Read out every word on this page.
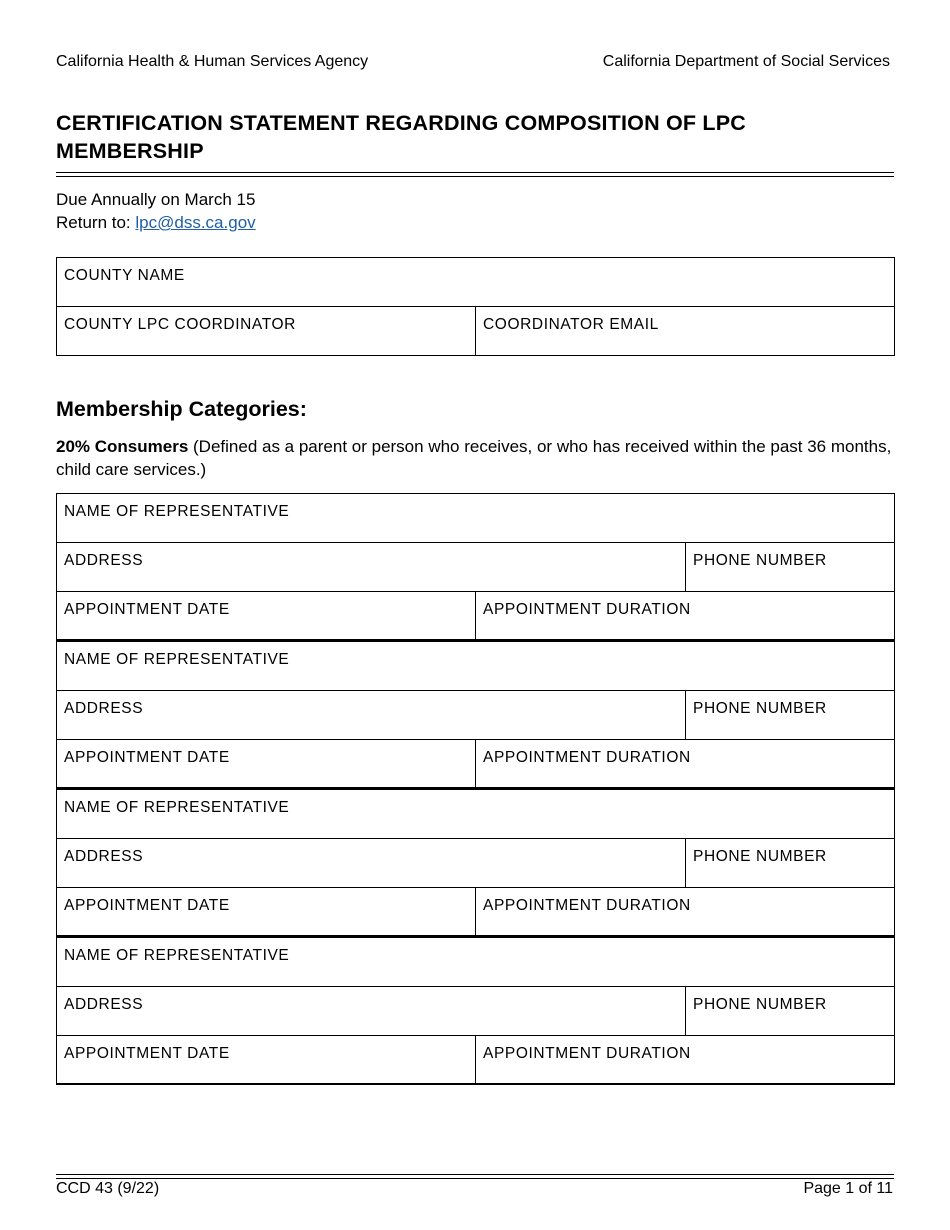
California Health & Human Services Agency	California Department of Social Services
CERTIFICATION STATEMENT REGARDING COMPOSITION OF LPC MEMBERSHIP
Due Annually on March 15
Return to: lpc@dss.ca.gov
COUNTY NAME
COUNTY LPC COORDINATOR	COORDINATOR EMAIL
Membership Categories:
20% Consumers (Defined as a parent or person who receives, or who has received within the past 36 months, child care services.)
NAME OF REPRESENTATIVE
ADDRESS	PHONE NUMBER
APPOINTMENT DATE	APPOINTMENT DURATION
NAME OF REPRESENTATIVE
ADDRESS	PHONE NUMBER
APPOINTMENT DATE	APPOINTMENT DURATION
NAME OF REPRESENTATIVE
ADDRESS	PHONE NUMBER
APPOINTMENT DATE	APPOINTMENT DURATION
NAME OF REPRESENTATIVE
ADDRESS	PHONE NUMBER
APPOINTMENT DATE	APPOINTMENT DURATION
CCD 43 (9/22)	Page 1 of 11
